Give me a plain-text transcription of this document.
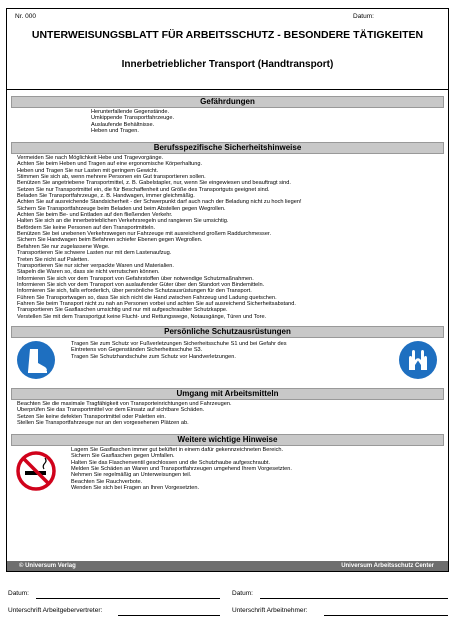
Nr. 000	Datum:
UNTERWEISUNGSBLATT FÜR ARBEITSSCHUTZ - BESONDERE TÄTIGKEITEN
Innerbetrieblicher Transport (Handtransport)
Gefährdungen
Herunterfallende Gegenstände.
Umkippende Transportfahrzeuge.
Auslaufende Behältnisse.
Heben und Tragen.
Berufsspezifische Sicherheitshinweise
Vermeiden Sie nach Möglichkeit Hebe und Tragevorgänge.
Achten Sie beim Heben und Tragen auf eine ergonomische Körperhaltung.
Heben und Tragen Sie nur Lasten mit geringem Gewicht.
Stimmen Sie sich ab, wenn mehrere Personen ein Gut transportieren sollen.
Benützen Sie angetriebene Transportmittel, z. B. Gabelstapler, nur, wenn Sie eingewiesen und beauftragt sind.
Setzen Sie nur Transportmittel ein, die für Beschaffenheit und Größe des Transportguts geeignet sind.
Beladen Sie Transportfahrzeuge, z. B. Handwagen, immer gleichmäßig.
Achten Sie auf ausreichende Standsicherheit - der Schwerpunkt darf auch nach der Beladung nicht zu hoch liegen!
Sichern Sie Transportfahrzeuge beim Beladen und beim Abstellen gegen Wegrollen.
Achten Sie beim Be- und Entladen auf den fließenden Verkehr.
Halten Sie sich an die innerbetrieblichen Verkehrsregeln und rangieren Sie umsichtig.
Befördern Sie keine Personen auf den Transportmitteln.
Benützen Sie bei unebenen Verkehrswegen nur Fahrzeuge mit ausreichend großem Raddurchmesser.
Sichern Sie Handwagen beim Befahren schiefer Ebenen gegen Wegrollen.
Befahren Sie nur zugelassene Wege.
Transportieren Sie schwere Lasten nur mit dem Lastenaufzug.
Treten Sie nicht auf Paletten.
Transportieren Sie nur sicher verpackte Waren und Materialien.
Stapeln die Waren so, dass sie nicht verrutschen können.
Informieren Sie sich vor dem Transport von Gefahrstoffen über notwendige Schutzmaßnahmen.
Informieren Sie sich vor dem Transport von auslaufender Güter über den Standort von Bindemitteln.
Informieren Sie sich, falls erforderlich, über persönliche Schutzausrüstungen für den Transport.
Führen Sie Transportwagen so, dass Sie sich nicht die Hand zwischen Fahrzeug und Ladung quetschen.
Fahren Sie beim Transport nicht zu nah an Personen vorbei und achten Sie auf ausreichend Sicherheitsabstand.
Transportieren Sie Gasflaschen umsichtig und nur mit aufgeschraubter Schutzkappe.
Verstellen Sie mit dem Transportgut keine Flucht- und Rettungswege, Notausgänge, Türen und Tore.
Persönliche Schutzausrüstungen
Tragen Sie zum Schutz vor Fußverletzungen Sicherheitsschuhe S1 und bei Gefahr des
Eintretens von Gegenständen Sicherheitsschuhe S3.
Tragen Sie Schutzhandschuhe zum Schutz vor Handverletzungen.
Umgang mit Arbeitsmitteln
Beachten Sie die maximale Tragfähigkeit von Transporteinrichtungen und Fahrzeugen.
Überprüfen Sie das Transportmittel vor dem Einsatz auf sichtbare Schäden.
Setzen Sie keine defekten Transportmittel oder Paletten ein.
Stellen Sie Transportfahrzeuge nur an den vorgesehenen Plätzen ab.
Weitere wichtige Hinweise
Lagern Sie Gasflaschen immer gut belüftet in einem dafür gekennzeichneten Bereich.
Sichern Sie Gasflaschen gegen Umfallen.
Halten Sie das Flaschenventil geschlossen und die Schutzhaube aufgeschraubt.
Melden Sie Schäden an Waren und Transportfahrzeugen umgehend Ihrem Vorgesetzten.
Nehmen Sie regelmäßig an Unterweisungen teil.
Beachten Sie Rauchverbote.
Wenden Sie sich bei Fragen an Ihren Vorgesetzten.
© Universum Verlag	Universum Arbeitsschutz Center
Datum:	Datum:
Unterschrift Arbeitgebervertreter:	Unterschrift Arbeitnehmer:
